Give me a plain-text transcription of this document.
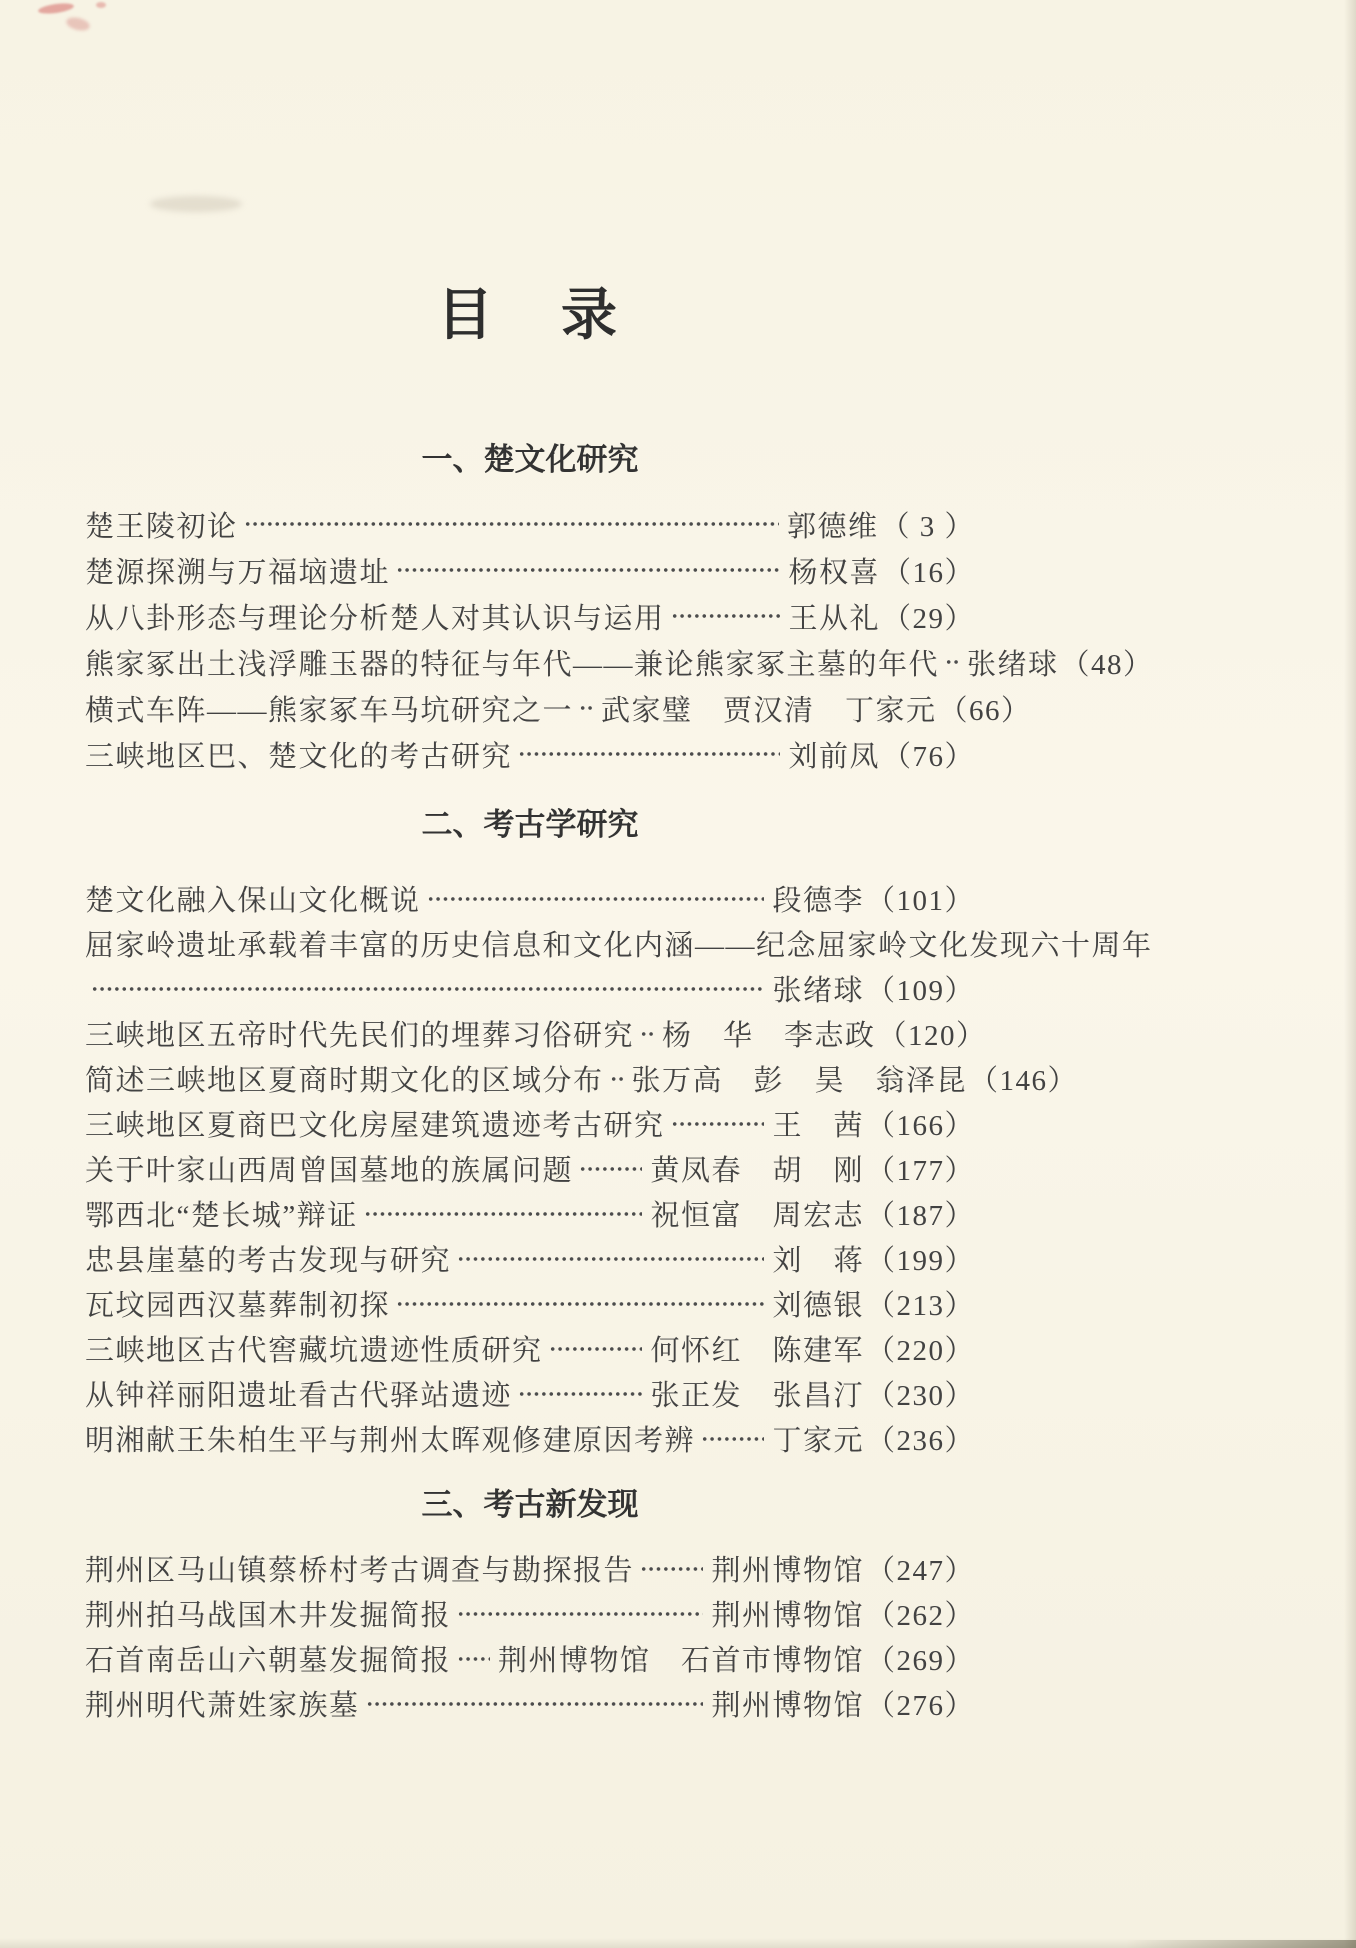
目　录
一、楚文化研究
楚王陵初论	郭德维 （ 3 ）
楚源探溯与万福垴遗址	杨权喜 （16）
从八卦形态与理论分析楚人对其认识与运用	王从礼 （29）
熊家冢出土浅浮雕玉器的特征与年代——兼论熊家冢主墓的年代 张绪球 （48）
横式车阵——熊家冢车马坑研究之一 武家璧　贾汉清　丁家元 （66）
三峡地区巴、楚文化的考古研究	刘前凤 （76）
二、考古学研究
楚文化融入保山文化概说	段德李 （101）
屈家岭遗址承载着丰富的历史信息和文化内涵——纪念屈家岭文化发现六十周年
张绪球 （109）
三峡地区五帝时代先民们的埋葬习俗研究 杨　华　李志政 （120）
简述三峡地区夏商时期文化的区域分布 张万高　彭　昊　翁泽昆 （146）
三峡地区夏商巴文化房屋建筑遗迹考古研究	王　茜 （166）
关于叶家山西周曾国墓地的族属问题	黄凤春　胡　刚 （177）
鄂西北“楚长城”辩证	祝恒富　周宏志 （187）
忠县崖墓的考古发现与研究	刘　蒋 （199）
瓦坟园西汉墓葬制初探	刘德银 （213）
三峡地区古代窖藏坑遗迹性质研究	何怀红　陈建军 （220）
从钟祥丽阳遗址看古代驿站遗迹	张正发　张昌汀 （230）
明湘献王朱柏生平与荆州太晖观修建原因考辨	丁家元 （236）
三、考古新发现
荆州区马山镇蔡桥村考古调查与勘探报告	荆州博物馆 （247）
荆州拍马战国木井发掘简报	荆州博物馆 （262）
石首南岳山六朝墓发掘简报 荆州博物馆　石首市博物馆 （269）
荆州明代萧姓家族墓	荆州博物馆 （276）
